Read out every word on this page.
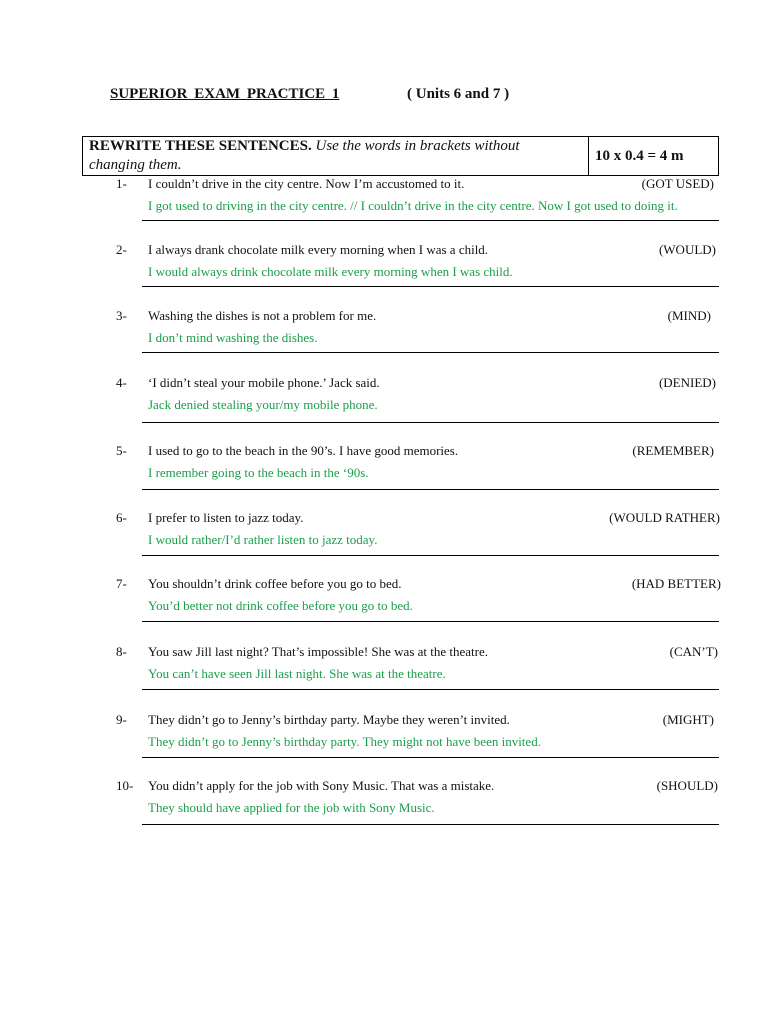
SUPERIOR EXAM PRACTICE 1	( Units 6 and 7 )
REWRITE THESE SENTENCES. Use the words in brackets without changing them.
10 x 0.4 = 4 m
1- I couldn’t drive in the city centre. Now I’m accustomed to it.	(GOT USED)
I got used to driving in the city centre. // I couldn’t drive in the city centre. Now I got used to doing it.
2- I always drank chocolate milk every morning when I was a child.	(WOULD)
I would always drink chocolate milk every morning when I was child.
3- Washing the dishes is not a problem for me.	(MIND)
I don’t mind washing the dishes.
4- ‘I didn’t steal your mobile phone.’ Jack said.	(DENIED)
Jack denied stealing your/my mobile phone.
5- I used to go to the beach in the 90’s. I have good memories.	(REMEMBER)
I remember going to the beach in the ‘90s.
6- I prefer to listen to jazz today.	(WOULD RATHER)
I would rather/I’d rather listen to jazz today.
7- You shouldn’t drink coffee before you go to bed.	(HAD BETTER)
You’d better not drink coffee before you go to bed.
8- You saw Jill last night? That’s impossible! She was at the theatre.	(CAN’T)
You can’t have seen Jill last night. She was at the theatre.
9- They didn’t go to Jenny’s birthday party. Maybe they weren’t invited.	(MIGHT)
They didn’t go to Jenny’s birthday party. They might not have been invited.
10- You didn’t apply for the job with Sony Music. That was a mistake.	(SHOULD)
They should have applied for the job with Sony Music.
